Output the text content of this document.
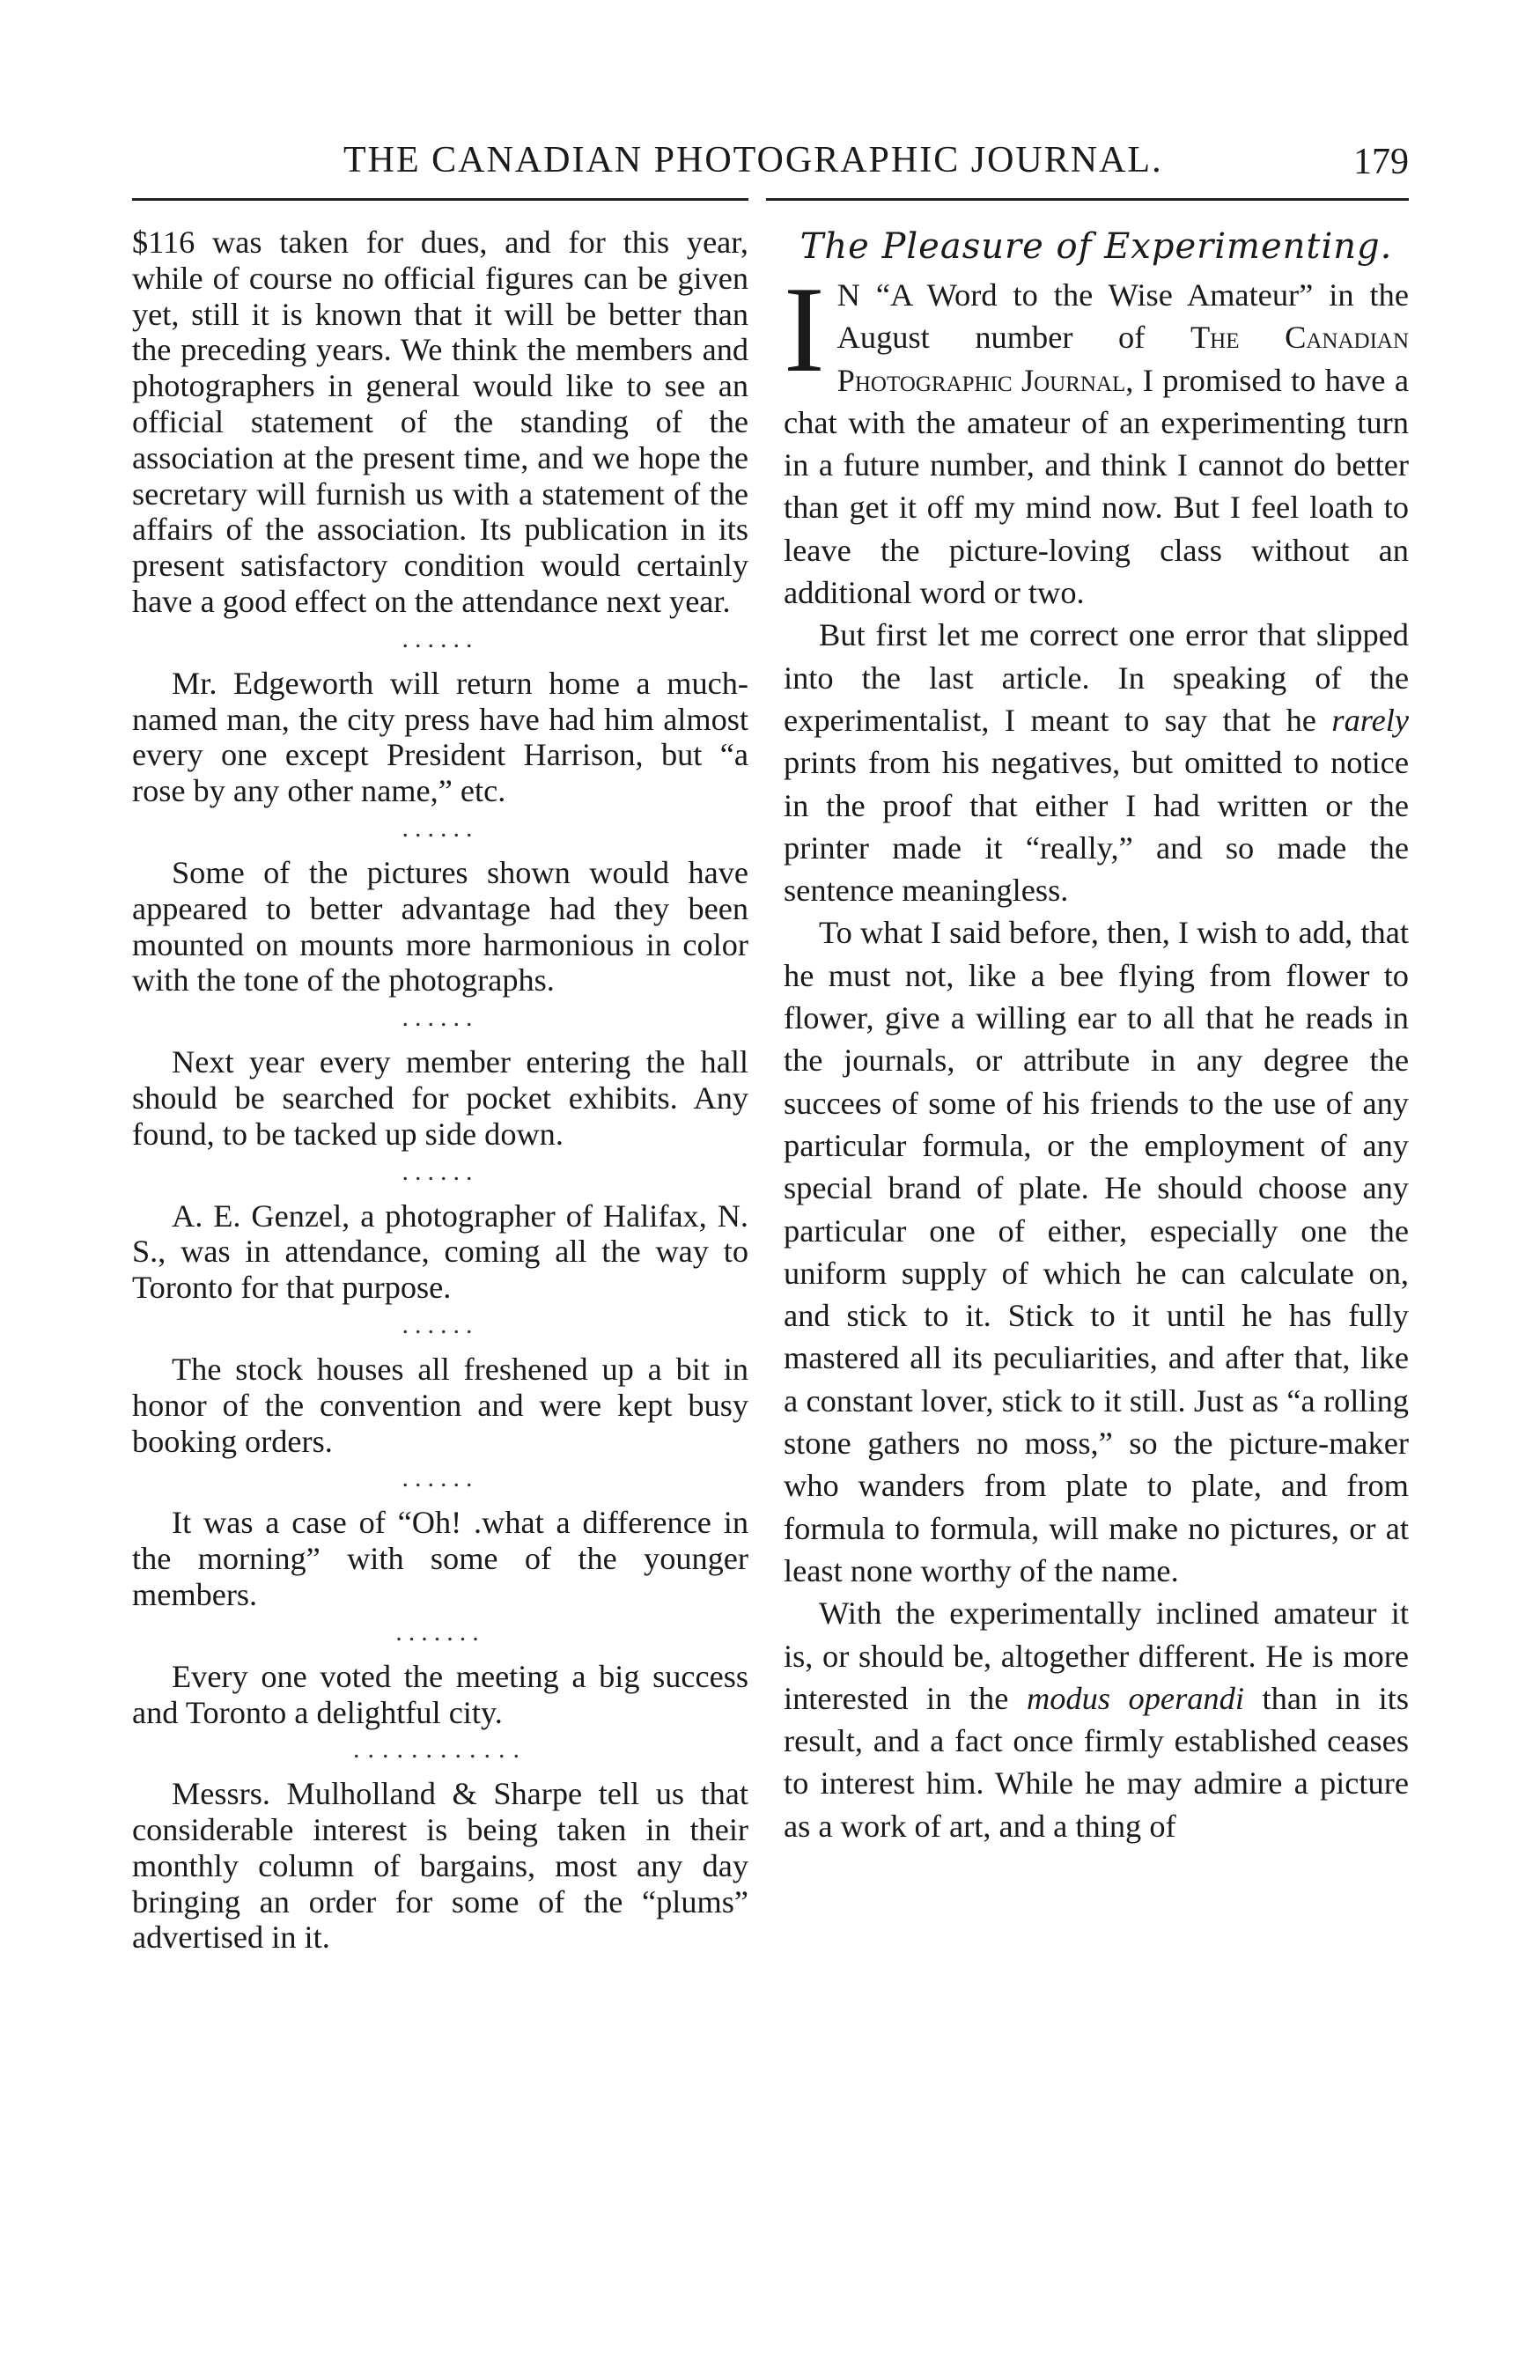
THE CANADIAN PHOTOGRAPHIC JOURNAL.	179

$116 was taken for dues, and for this year, while of course no official figures can be given yet, still it is known that it will be better than the preceding years. We think the members and photographers in general would like to see an official statement of the standing of the association at the present time, and we hope the secretary will furnish us with a statement of the affairs of the association. Its publication in its present satisfactory condition would certainly have a good effect on the attendance next year.

......

Mr. Edgeworth will return home a much-named man, the city press have had him almost every one except President Harrison, but “a rose by any other name,” etc.

......

Some of the pictures shown would have appeared to better advantage had they been mounted on mounts more harmonious in color with the tone of the photographs.

......

Next year every member entering the hall should be searched for pocket exhibits. Any found, to be tacked up side down.

......

A. E. Genzel, a photographer of Halifax, N. S., was in attendance, coming all the way to Toronto for that purpose.

......

The stock houses all freshened up a bit in honor of the convention and were kept busy booking orders.

......

It was a case of “Oh! .what a difference in the morning” with some of the younger members.

.......

Every one voted the meeting a big success and Toronto a delightful city.

............

Messrs. Mulholland & Sharpe tell us that considerable interest is being taken in their monthly column of bargains, most any day bringing an order for some of the “plums” advertised in it.

The Pleasure of Experimenting.

I N “A Word to the Wise Amateur” in the August number of The Canadian Photographic Journal, I promised to have a chat with the amateur of an experimenting turn in a future number, and think I cannot do better than get it off my mind now. But I feel loath to leave the picture-loving class without an additional word or two.

But first let me correct one error that slipped into the last article. In speaking of the experimentalist, I meant to say that he rarely prints from his negatives, but omitted to notice in the proof that either I had written or the printer made it “really,” and so made the sentence meaningless.

To what I said before, then, I wish to add, that he must not, like a bee flying from flower to flower, give a willing ear to all that he reads in the journals, or attribute in any degree the succees of some of his friends to the use of any particular formula, or the employment of any special brand of plate. He should choose any particular one of either, especially one the uniform supply of which he can calculate on, and stick to it. Stick to it until he has fully mastered all its peculiarities, and after that, like a constant lover, stick to it still. Just as “a rolling stone gathers no moss,” so the picture-maker who wanders from plate to plate, and from formula to formula, will make no pictures, or at least none worthy of the name.

With the experimentally inclined amateur it is, or should be, altogether different. He is more interested in the modus operandi than in its result, and a fact once firmly established ceases to interest him. While he may admire a picture as a work of art, and a thing of
